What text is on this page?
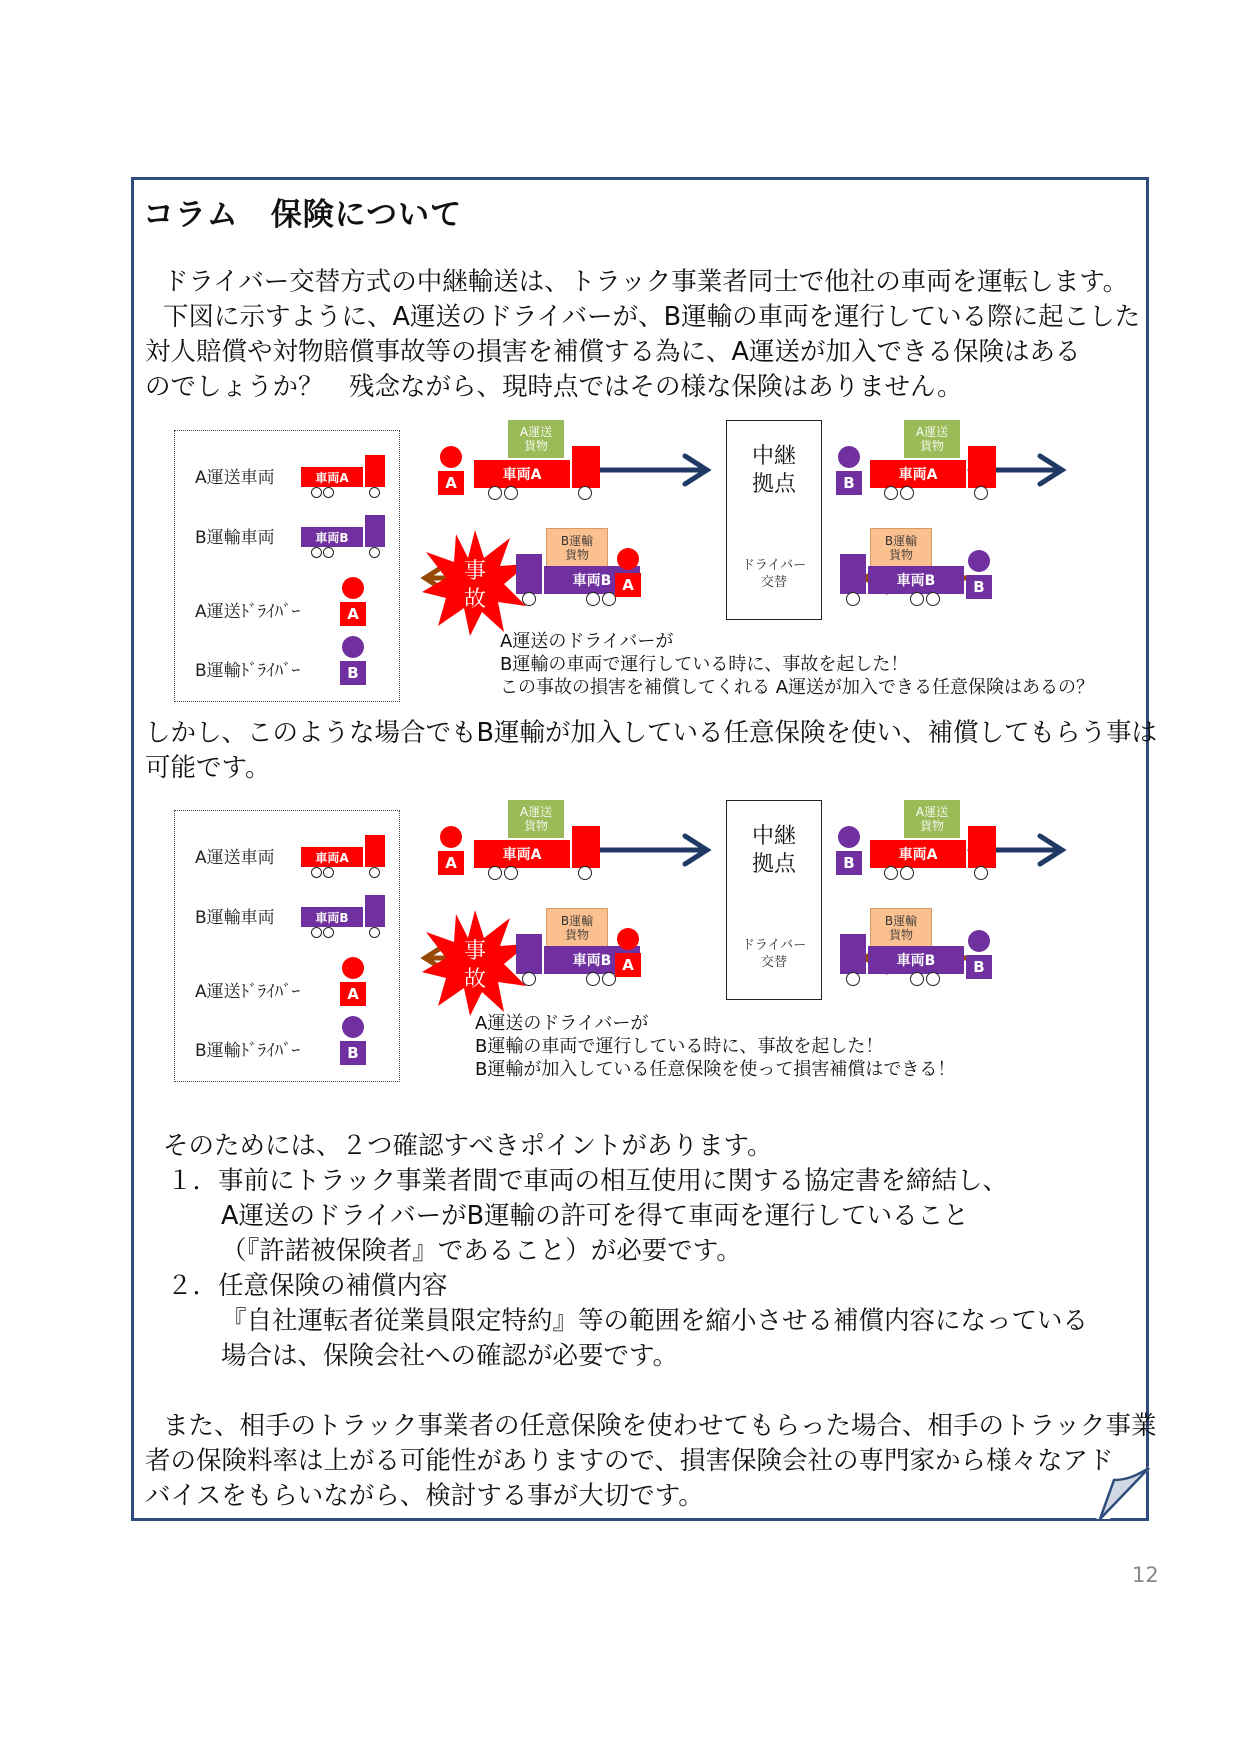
コラム　保険について

ドライバー交替方式の中継輸送は、トラック事業者同士で他社の車両を運転します。
下図に示すように、A運送のドライバーが、B運輸の車両を運行している際に起こした
対人賠償や対物賠償事故等の損害を補償する為に、A運送が加入できる保険はある
のでしょうか？　残念ながら、現時点ではその様な保険はありません。

A運送車両	車両A
B運輸車両	車両B
A運送ﾄﾞﾗｲﾊﾞｰ	A
B運輸ﾄﾞﾗｲﾊﾞｰ	B
A
A運送
貨物
車両A
中継
拠点
ドライバー
交替
B
A運送
貨物
車両A
事
故
B運輸
貨物
車両B A
B運輸
貨物
車両B	B
A運送のドライバーが
B運輸の車両で運行している時に、事故を起した！
この事故の損害を補償してくれる A運送が加入できる任意保険はあるの？

しかし、このような場合でもB運輸が加入している任意保険を使い、補償してもらう事は
可能です。

A運送車両	車両A
B運輸車両	車両B
A運送ﾄﾞﾗｲﾊﾞｰ	A
B運輸ﾄﾞﾗｲﾊﾞｰ	B
A
A運送
貨物
車両A
中継
拠点
ドライバー
交替
B
A運送
貨物
車両A
事
故
B運輸
貨物
車両B A
B運輸
貨物
車両B	B
A運送のドライバーが
B運輸の車両で運行している時に、事故を起した！
B運輸が加入している任意保険を使って損害補償はできる！

そのためには、２つ確認すべきポイントがあります。
１．事前にトラック事業者間で車両の相互使用に関する協定書を締結し、
A運送のドライバーがB運輸の許可を得て車両を運行していること
（『許諾被保険者』であること）が必要です。
２．任意保険の補償内容
『自社運転者従業員限定特約』等の範囲を縮小させる補償内容になっている
場合は、保険会社への確認が必要です。

また、相手のトラック事業者の任意保険を使わせてもらった場合、相手のトラック事業
者の保険料率は上がる可能性がありますので、損害保険会社の専門家から様々なアド
バイスをもらいながら、検討する事が大切です。

12
